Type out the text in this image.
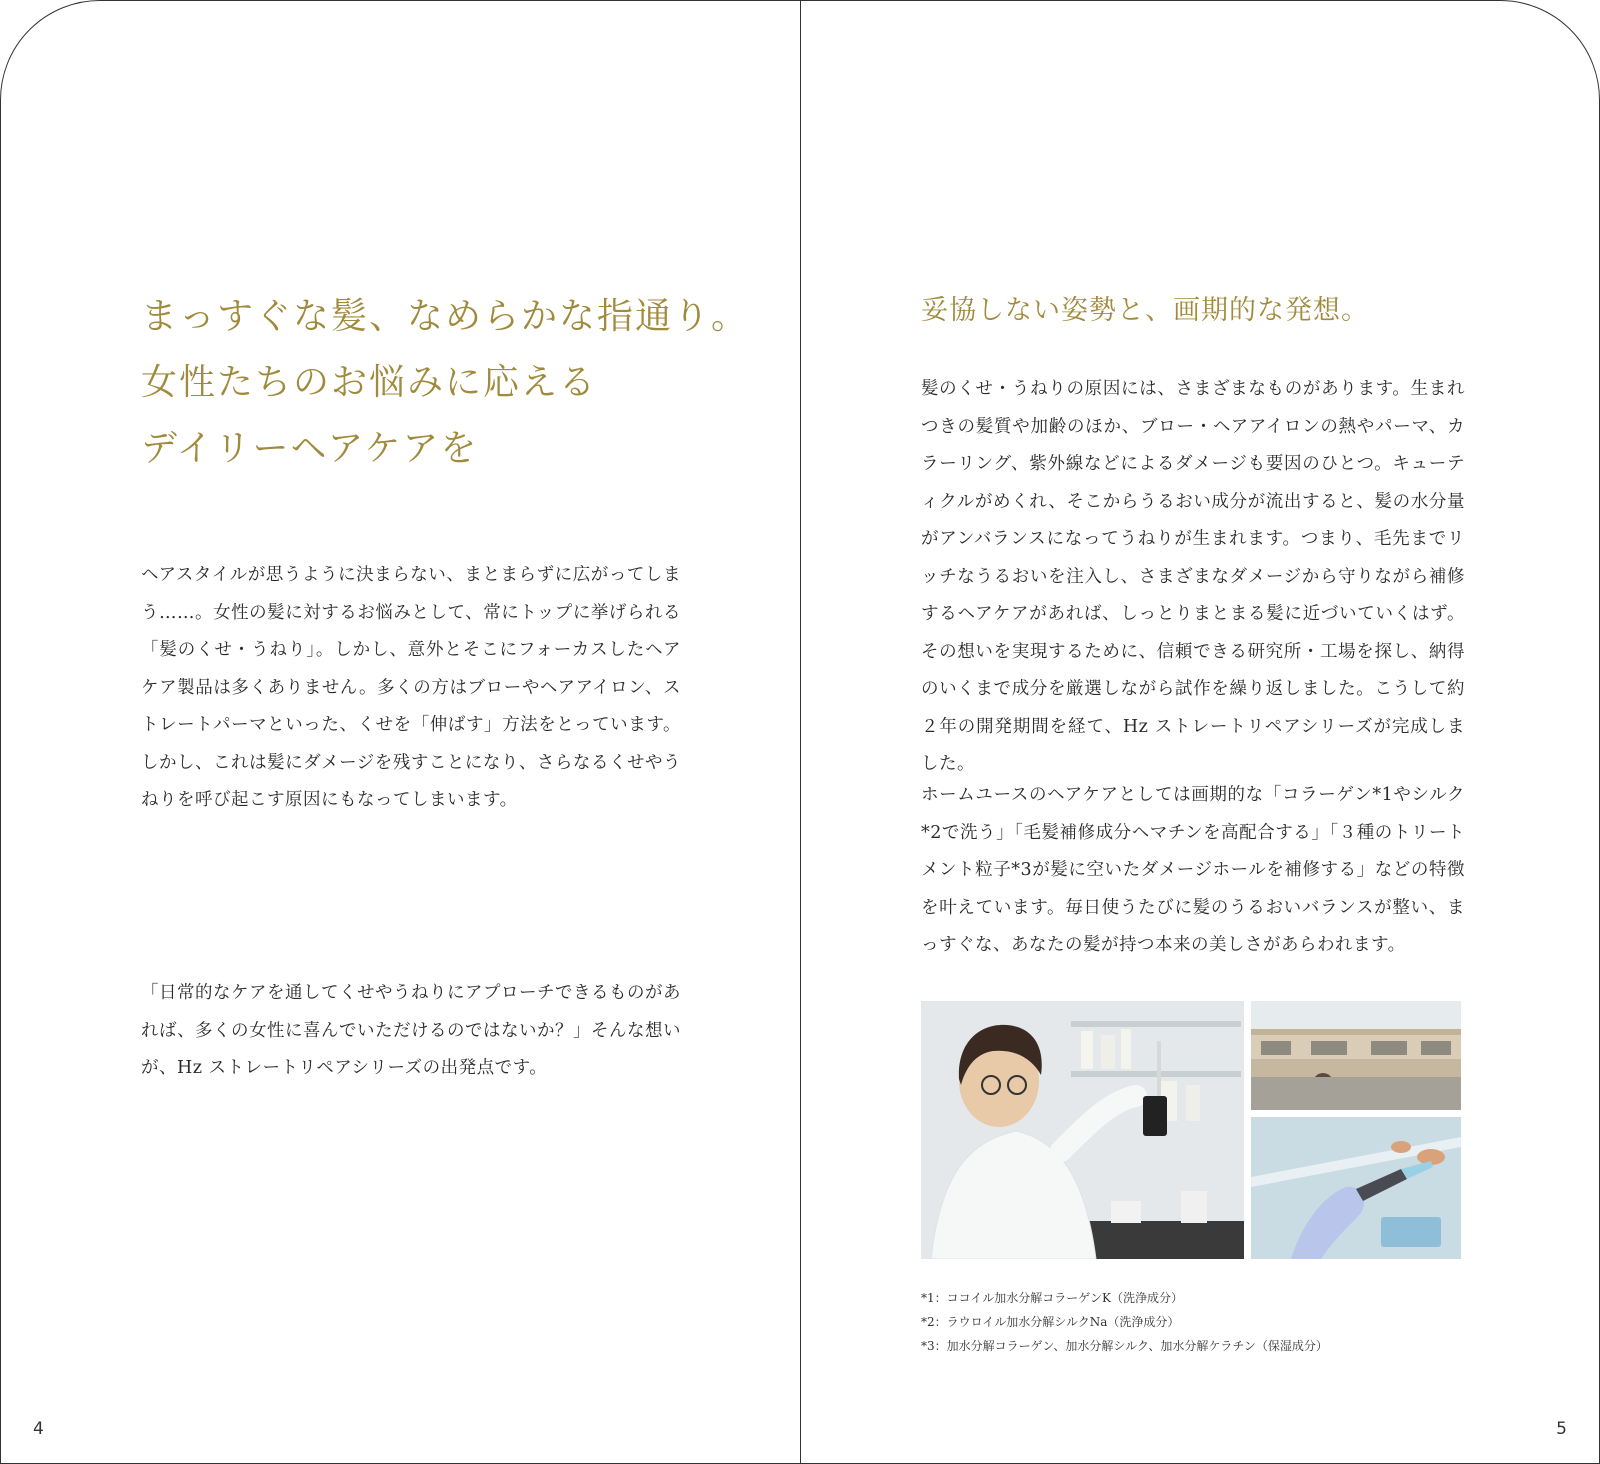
まっすぐな髪、なめらかな指通り。
女性たちのお悩みに応える
デイリーヘアケアを

ヘアスタイルが思うように決まらない、まとまらずに広がってしまう……。女性の髪に対するお悩みとして、常にトップに挙げられる「髪のくせ・うねり」。しかし、意外とそこにフォーカスしたヘアケア製品は多くありません。多くの方はブローやヘアアイロン、ストレートパーマといった、くせを「伸ばす」方法をとっています。しかし、これは髪にダメージを残すことになり、さらなるくせやうねりを呼び起こす原因にもなってしまいます。

「日常的なケアを通してくせやうねりにアプローチできるものがあれば、多くの女性に喜んでいただけるのではないか？」そんな想いが、Hz ストレートリペアシリーズの出発点です。

4
妥協しない姿勢と、画期的な発想。

髪のくせ・うねりの原因には、さまざまなものがあります。生まれつきの髪質や加齢のほか、ブロー・ヘアアイロンの熱やパーマ、カラーリング、紫外線などによるダメージも要因のひとつ。キューティクルがめくれ、そこからうるおい成分が流出すると、髪の水分量がアンバランスになってうねりが生まれます。つまり、毛先までリッチなうるおいを注入し、さまざまなダメージから守りながら補修するヘアケアがあれば、しっとりまとまる髪に近づいていくはず。その想いを実現するために、信頼できる研究所・工場を探し、納得のいくまで成分を厳選しながら試作を繰り返しました。こうして約２年の開発期間を経て、Hz ストレートリペアシリーズが完成しました。

ホームユースのヘアケアとしては画期的な「コラーゲン*1やシルク*2で洗う」「毛髪補修成分ヘマチンを高配合する」「３種のトリートメント粒子*3が髪に空いたダメージホールを補修する」などの特徴を叶えています。毎日使うたびに髪のうるおいバランスが整い、まっすぐな、あなたの髪が持つ本来の美しさがあらわれます。

*1：ココイル加水分解コラーゲンK（洗浄成分）
*2：ラウロイル加水分解シルクNa（洗浄成分）
*3：加水分解コラーゲン、加水分解シルク、加水分解ケラチン（保湿成分）
5
